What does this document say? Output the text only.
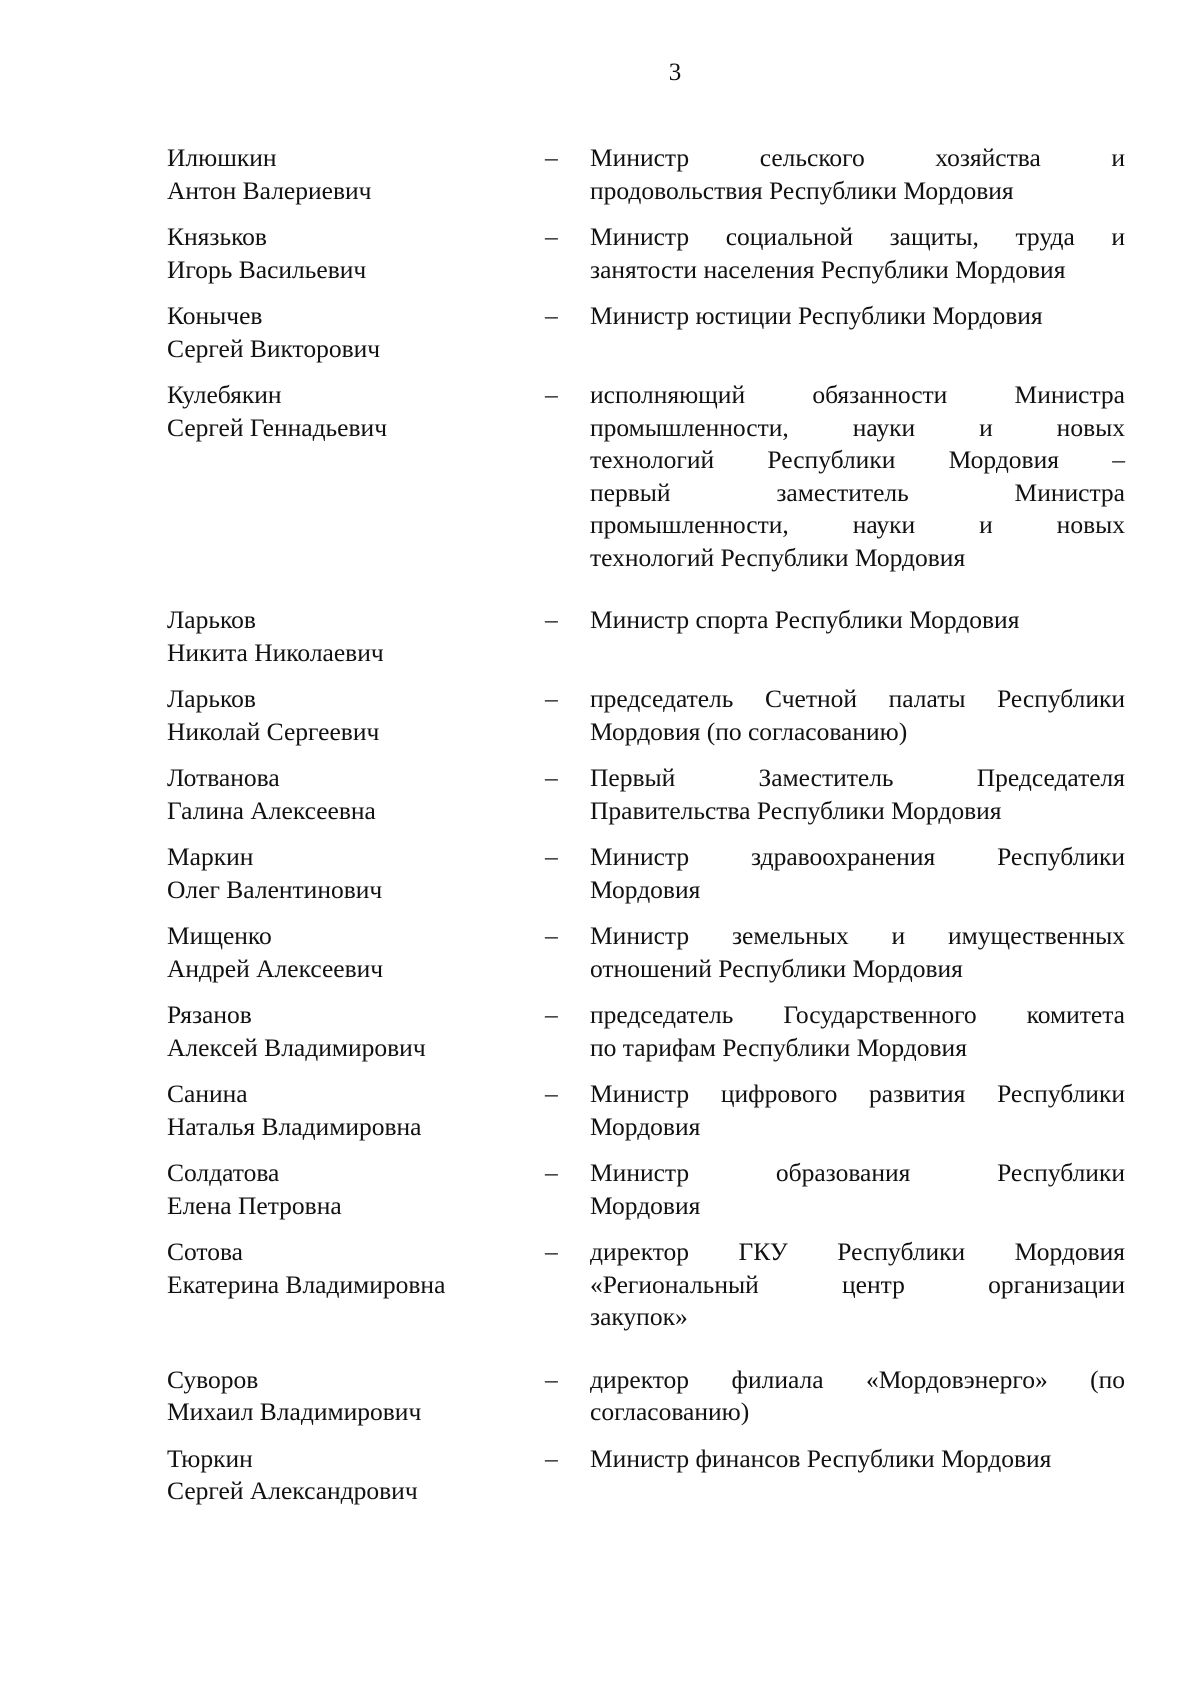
3
Илюшкин
Антон Валериевич
–	Министр сельского хозяйства и
продовольствия Республики Мордовия
Князьков
Игорь Васильевич
–	Министр социальной защиты, труда и
занятости населения Республики Мордовия
Конычев
Сергей Викторович
–	Министр юстиции Республики Мордовия
Кулебякин
Сергей Геннадьевич
–	исполняющий обязанности Министра
промышленности, науки и новых
технологий Республики Мордовия –
первый заместитель Министра
промышленности, науки и новых
технологий Республики Мордовия
Ларьков
Никита Николаевич
–	Министр спорта Республики Мордовия
Ларьков
Николай Сергеевич
–	председатель Счетной палаты Республики
Мордовия (по согласованию)
Лотванова
Галина Алексеевна
–	Первый Заместитель Председателя
Правительства Республики Мордовия
Маркин
Олег Валентинович
–	Министр здравоохранения Республики
Мордовия
Мищенко
Андрей Алексеевич
–	Министр земельных и имущественных
отношений Республики Мордовия
Рязанов
Алексей Владимирович
–	председатель Государственного комитета
по тарифам Республики Мордовия
Санина
Наталья Владимировна
–	Министр цифрового развития Республики
Мордовия
Солдатова
Елена Петровна
–	Министр образования Республики
Мордовия
Сотова
Екатерина Владимировна
–	директор ГКУ Республики Мордовия
«Региональный центр организации
закупок»
Суворов
Михаил Владимирович
–	директор филиала «Мордовэнерго» (по
согласованию)
Тюркин
Сергей Александрович
–	Министр финансов Республики Мордовия
